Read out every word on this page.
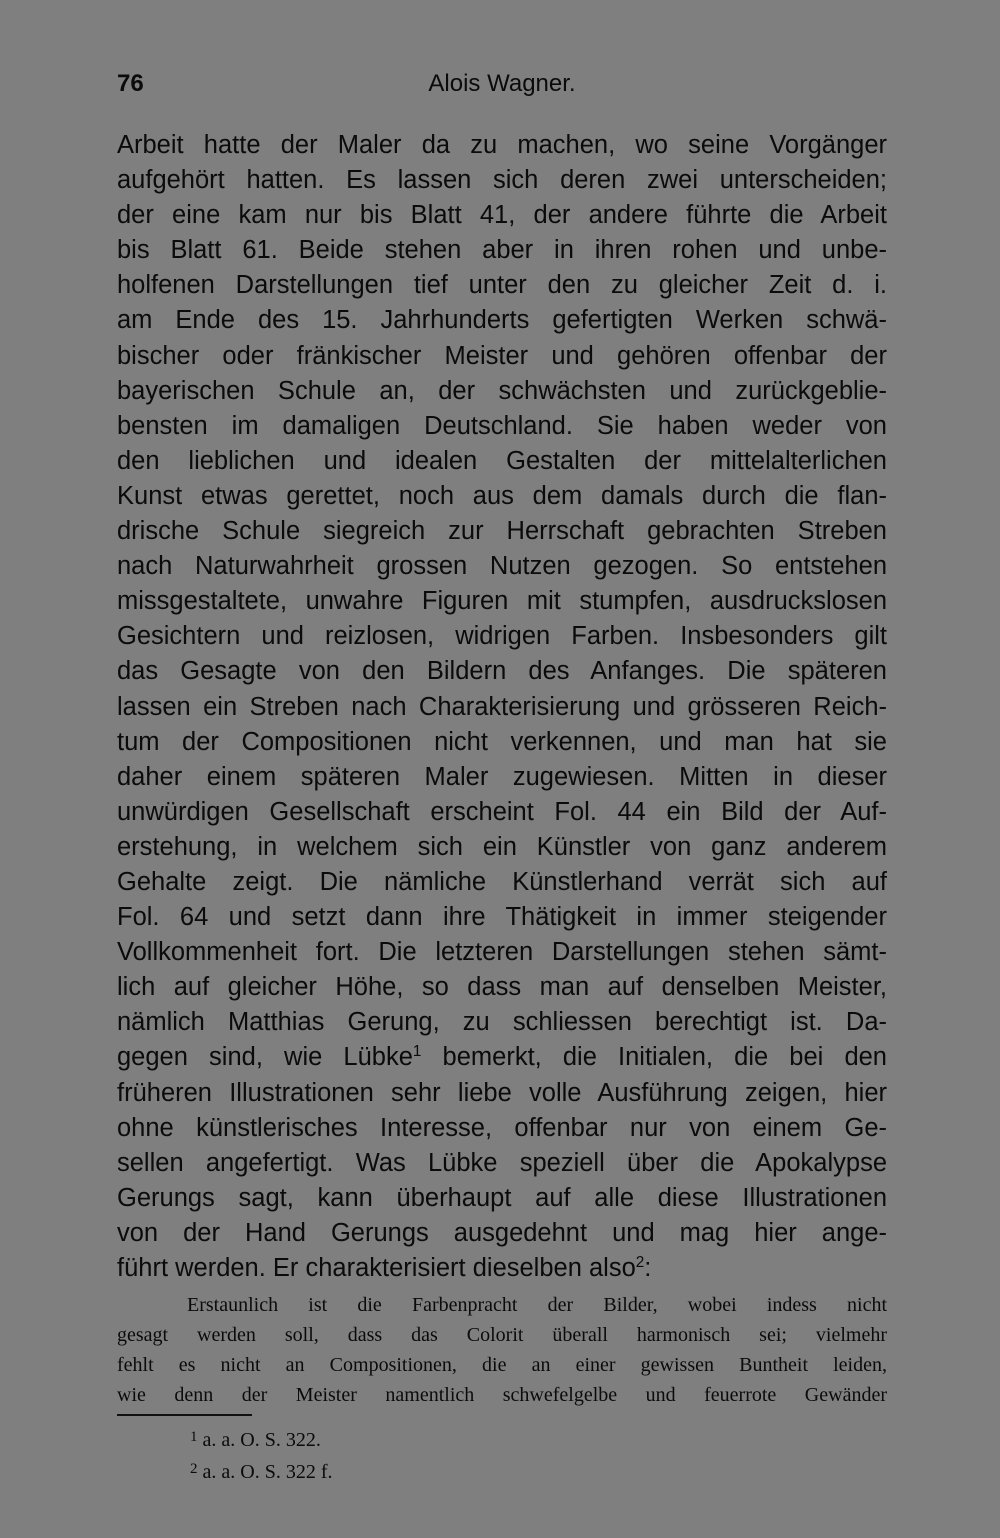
76	Alois Wagner.
Arbeit hatte der Maler da zu machen, wo seine Vorgänger
aufgehört hatten. Es lassen sich deren zwei unterscheiden;
der eine kam nur bis Blatt 41, der andere führte die Arbeit
bis Blatt 61. Beide stehen aber in ihren rohen und unbe-
holfenen Darstellungen tief unter den zu gleicher Zeit d. i.
am Ende des 15. Jahrhunderts gefertigten Werken schwä-
bischer oder fränkischer Meister und gehören offenbar der
bayerischen Schule an, der schwächsten und zurückgeblie-
bensten im damaligen Deutschland. Sie haben weder von
den lieblichen und idealen Gestalten der mittelalterlichen
Kunst etwas gerettet, noch aus dem damals durch die flan-
drische Schule siegreich zur Herrschaft gebrachten Streben
nach Naturwahrheit grossen Nutzen gezogen. So entstehen
missgestaltete, unwahre Figuren mit stumpfen, ausdruckslosen
Gesichtern und reizlosen, widrigen Farben. Insbesonders gilt
das Gesagte von den Bildern des Anfanges. Die späteren
lassen ein Streben nach Charakterisierung und grösseren Reich-
tum der Compositionen nicht verkennen, und man hat sie
daher einem späteren Maler zugewiesen. Mitten in dieser
unwürdigen Gesellschaft erscheint Fol. 44 ein Bild der Auf-
erstehung, in welchem sich ein Künstler von ganz anderem
Gehalte zeigt. Die nämliche Künstlerhand verrät sich auf
Fol. 64 und setzt dann ihre Thätigkeit in immer steigender
Vollkommenheit fort. Die letzteren Darstellungen stehen sämt-
lich auf gleicher Höhe, so dass man auf denselben Meister,
nämlich Matthias Gerung, zu schliessen berechtigt ist. Da-
gegen sind, wie Lübke$^1$ bemerkt, die Initialen, die bei den
früheren Illustrationen sehr liebe volle Ausführung zeigen, hier
ohne künstlerisches Interesse, offenbar nur von einem Ge-
sellen angefertigt. Was Lübke speziell über die Apokalypse
Gerungs sagt, kann überhaupt auf alle diese Illustrationen
von der Hand Gerungs ausgedehnt und mag hier ange-
führt werden. Er charakterisiert dieselben also$^2$:
Erstaunlich ist die Farbenpracht der Bilder, wobei indess nicht
gesagt werden soll, dass das Colorit überall harmonisch sei; vielmehr
fehlt es nicht an Compositionen, die an einer gewissen Buntheit leiden,
wie denn der Meister namentlich schwefelgelbe und feuerrote Gewänder
$^1$ a. a. O. S. 322.
$^2$ a. a. O. S. 322 f.
